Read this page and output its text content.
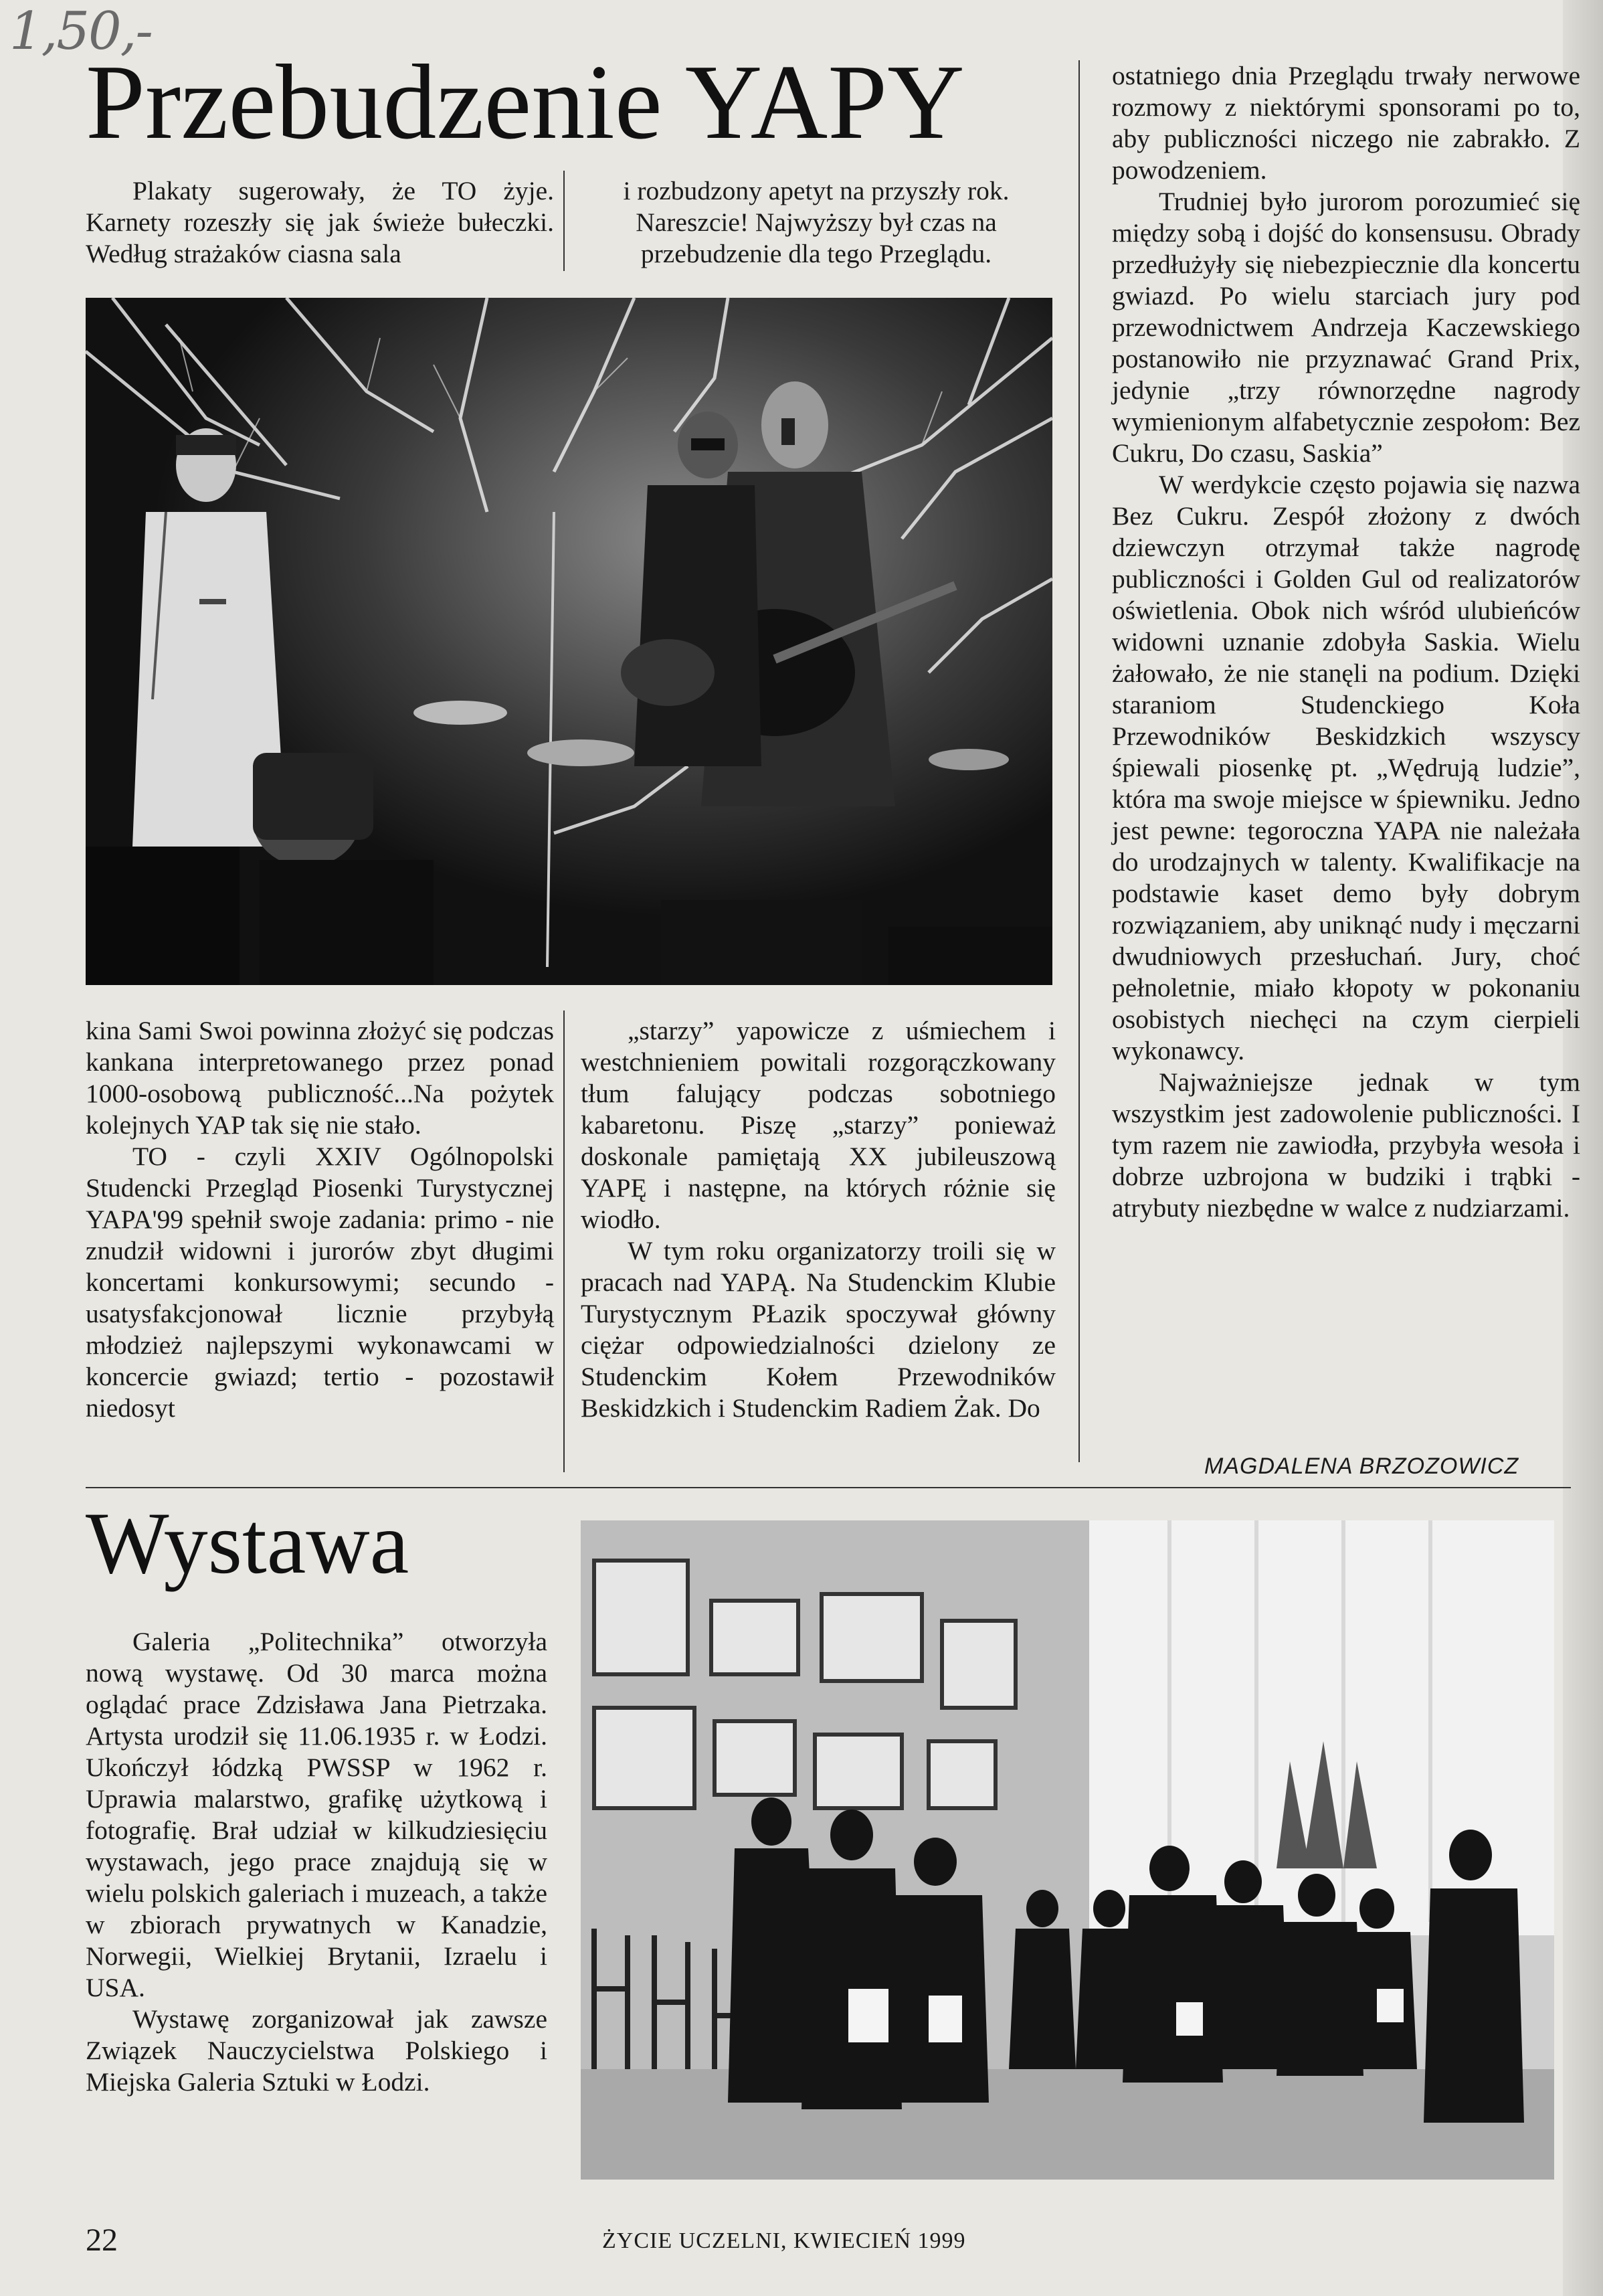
1,50,-
Przebudzenie YAPY

Plakaty sugerowały, że TO żyje. Karnety rozeszły się jak świeże bułeczki. Według strażaków ciasna sala

i rozbudzony apetyt na przyszły rok.
Nareszcie! Najwyższy był czas na przebudzenie dla tego Przeglądu.

kina Sami Swoi powinna złożyć się podczas kankana interpretowanego przez ponad 1000-osobową publiczność...Na pożytek kolejnych YAP tak się nie stało.

TO - czyli XXIV Ogólnopolski Studencki Przegląd Piosenki Turystycznej YAPA'99 spełnił swoje zadania: primo - nie znudził widowni i jurorów zbyt długimi koncertami konkursowymi; secundo - usatysfakcjonował licznie przybyłą młodzież najlepszymi wykonawcami w koncercie gwiazd; tertio - pozostawił niedosyt

„starzy” yapowicze z uśmiechem i westchnieniem powitali rozgorączkowany tłum falujący podczas sobotniego kabaretonu. Piszę „starzy” ponieważ doskonale pamiętają XX jubileuszową YAPĘ i następne, na których różnie się wiodło.

W tym roku organizatorzy troili się w pracach nad YAPĄ. Na Studenckim Klubie Turystycznym PŁazik spoczywał główny ciężar odpowiedzialności dzielony ze Studenckim Kołem Przewodników Beskidzkich i Studenckim Radiem Żak. Do

ostatniego dnia Przeglądu trwały nerwowe rozmowy z niektórymi sponsorami po to, aby publiczności niczego nie zabrakło. Z powodzeniem.

Trudniej było jurorom porozumieć się między sobą i dojść do konsensusu. Obrady przedłużyły się niebezpiecznie dla koncertu gwiazd. Po wielu starciach jury pod przewodnictwem Andrzeja Kaczewskiego postanowiło nie przyznawać Grand Prix, jedynie „trzy równorzędne nagrody wymienionym alfabetycznie zespołom: Bez Cukru, Do czasu, Saskia”

W werdykcie często pojawia się nazwa Bez Cukru. Zespół złożony z dwóch dziewczyn otrzymał także nagrodę publiczności i Golden Gul od realizatorów oświetlenia. Obok nich wśród ulubieńców widowni uznanie zdobyła Saskia. Wielu żałowało, że nie stanęli na podium. Dzięki staraniom Studenckiego Koła Przewodników Beskidzkich wszyscy śpiewali piosenkę pt. „Wędrują ludzie”, która ma swoje miejsce w śpiewniku. Jedno jest pewne: tegoroczna YAPA nie należała do urodzajnych w talenty. Kwalifikacje na podstawie kaset demo były dobrym rozwiązaniem, aby uniknąć nudy i męczarni dwudniowych przesłuchań. Jury, choć pełnoletnie, miało kłopoty w pokonaniu osobistych niechęci na czym cierpieli wykonawcy.

Najważniejsze jednak w tym wszystkim jest zadowolenie publiczności. I tym razem nie zawiodła, przybyła wesoła i dobrze uzbrojona w budziki i trąbki - atrybuty niezbędne w walce z nudziarzami.

MAGDALENA BRZOZOWICZ
Wystawa

Galeria „Politechnika” otworzyła nową wystawę. Od 30 marca można oglądać prace Zdzisława Jana Pietrzaka. Artysta urodził się 11.06.1935 r. w Łodzi. Ukończył łódzką PWSSP w 1962 r. Uprawia malarstwo, grafikę użytkową i fotografię. Brał udział w kilkudziesięciu wystawach, jego prace znajdują się w wielu polskich galeriach i muzeach, a także w zbiorach prywatnych w Kanadzie, Norwegii, Wielkiej Brytanii, Izraelu i USA.

Wystawę zorganizował jak zawsze Związek Nauczycielstwa Polskiego i Miejska Galeria Sztuki w Łodzi.

22	ŻYCIE UCZELNI, KWIECIEŃ 1999
